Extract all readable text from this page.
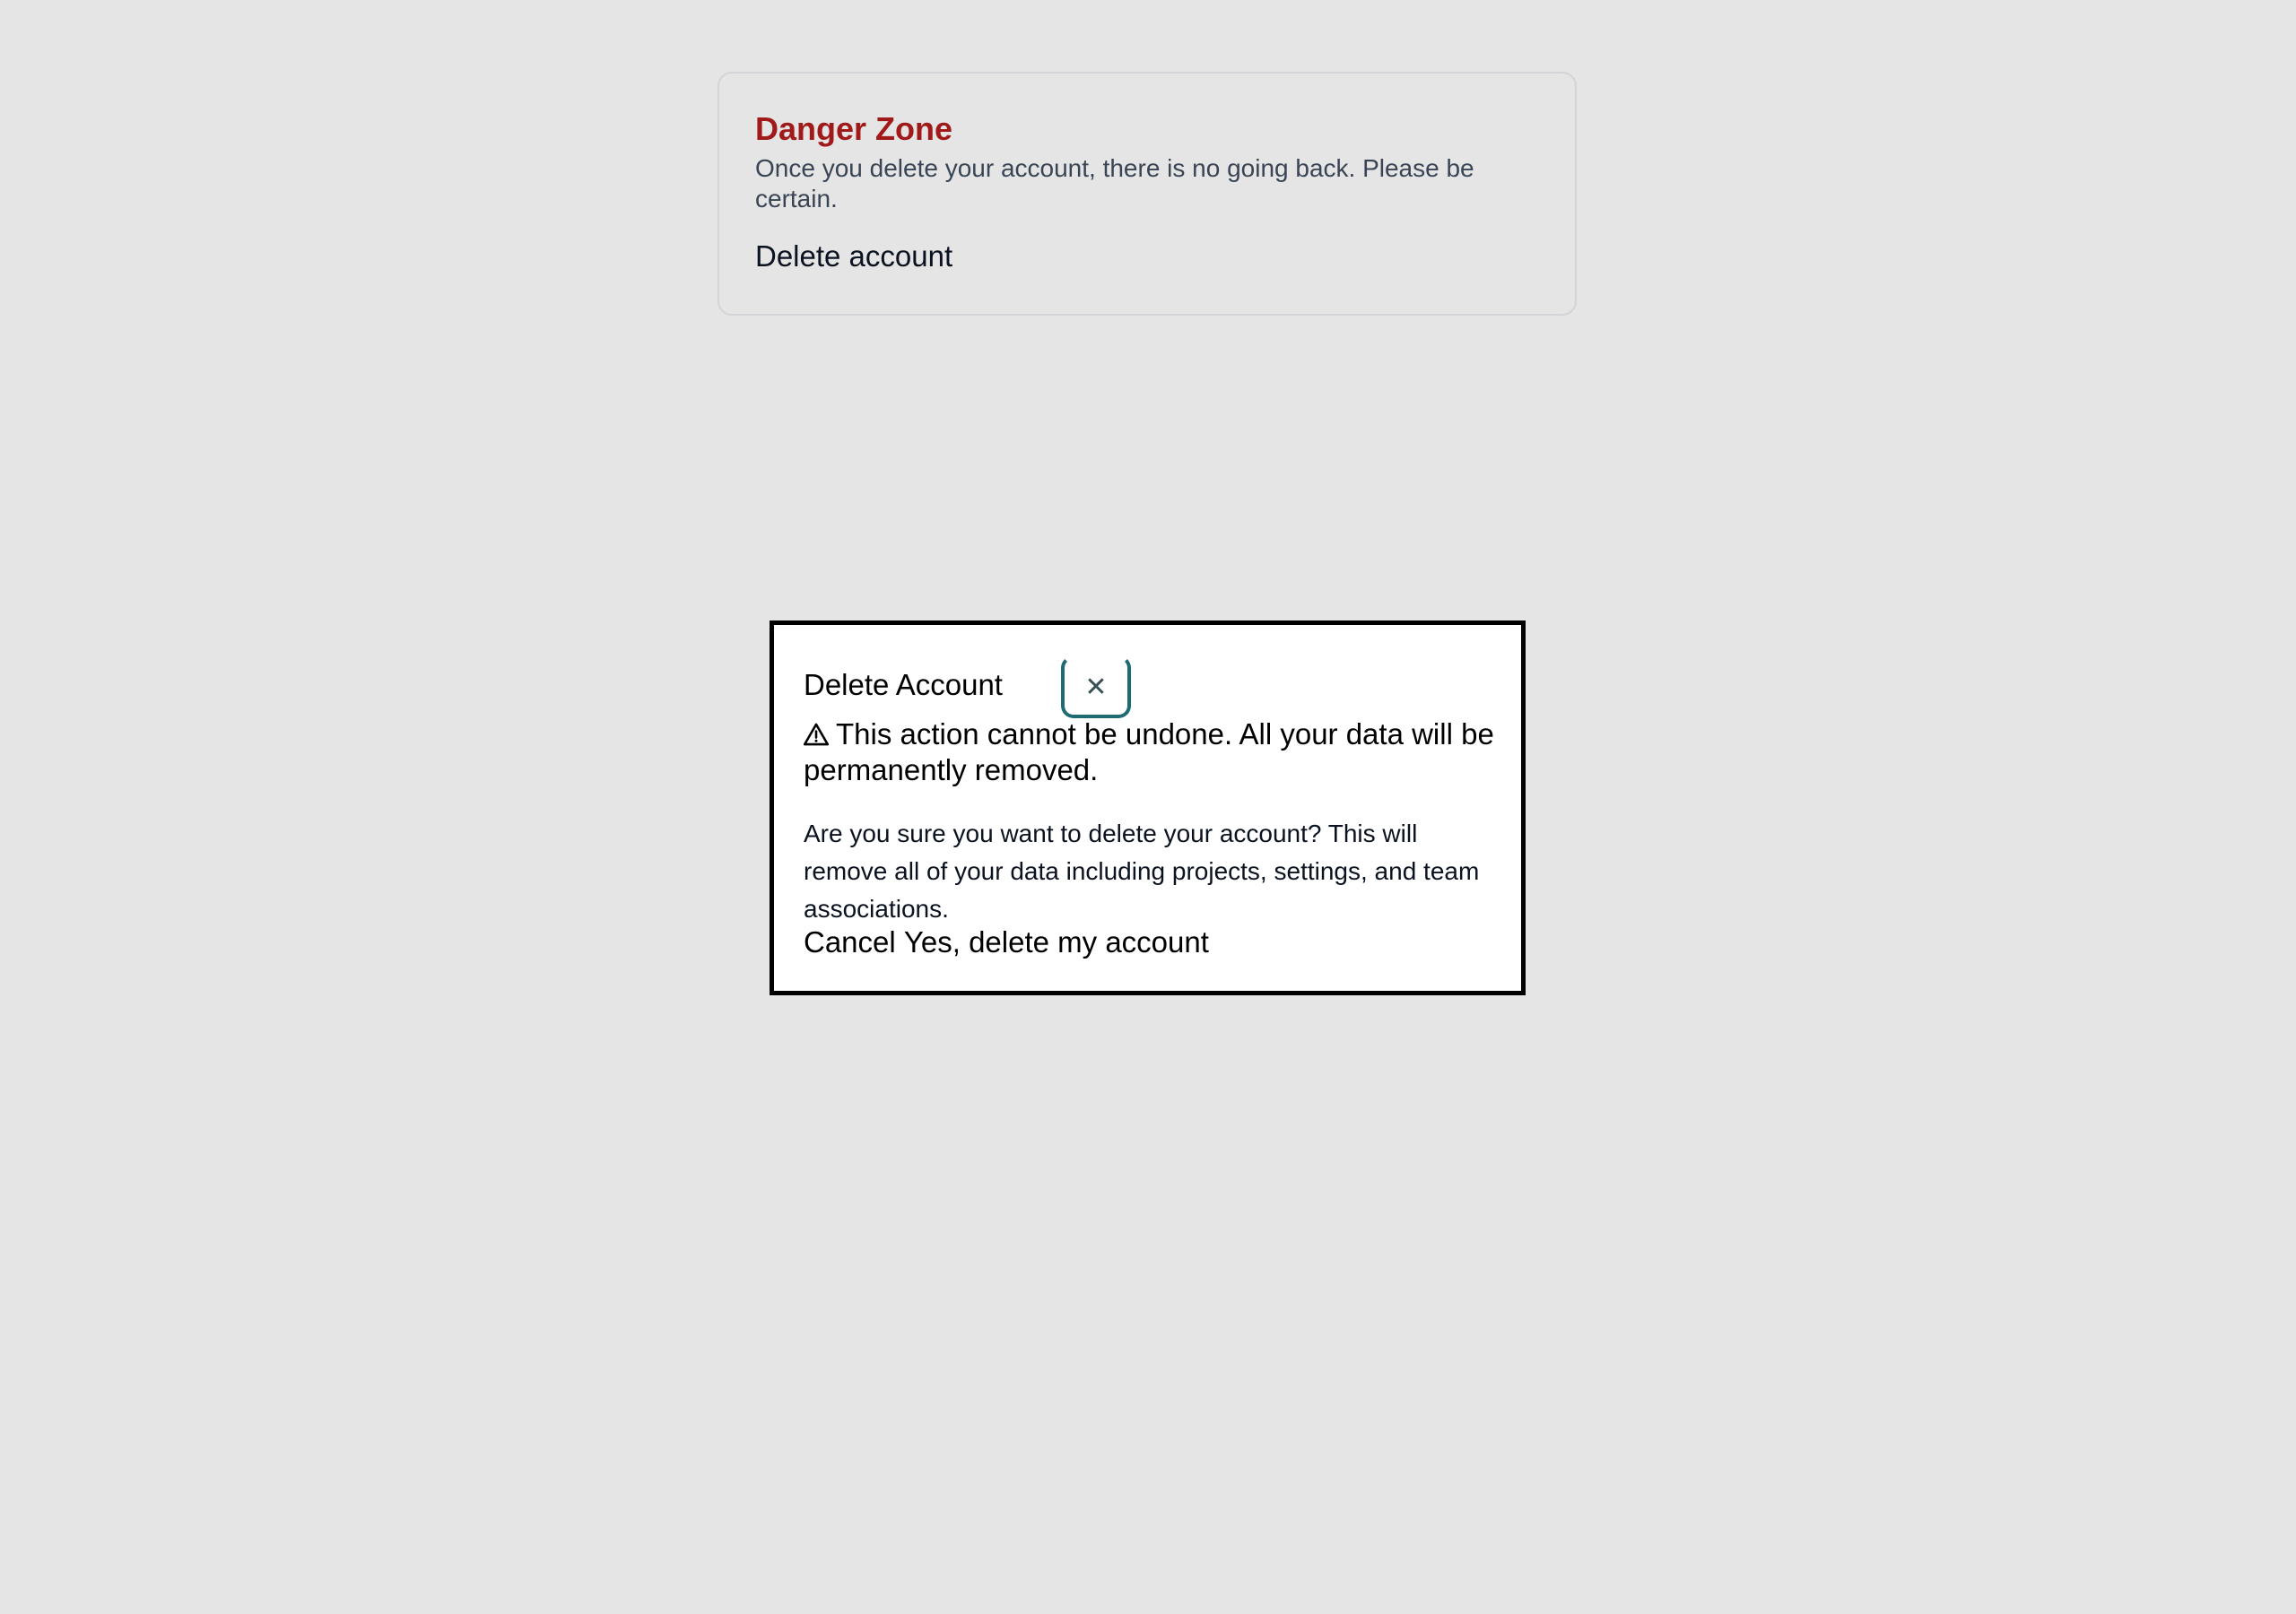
Danger Zone

Once you delete your account, there is no going back. Please be certain.

Delete account
Delete Account	✕

This action cannot be undone. All your data will be permanently removed.

Are you sure you want to delete your account? This will remove all of your data including projects, settings, and team associations.

Cancel Yes, delete my account
